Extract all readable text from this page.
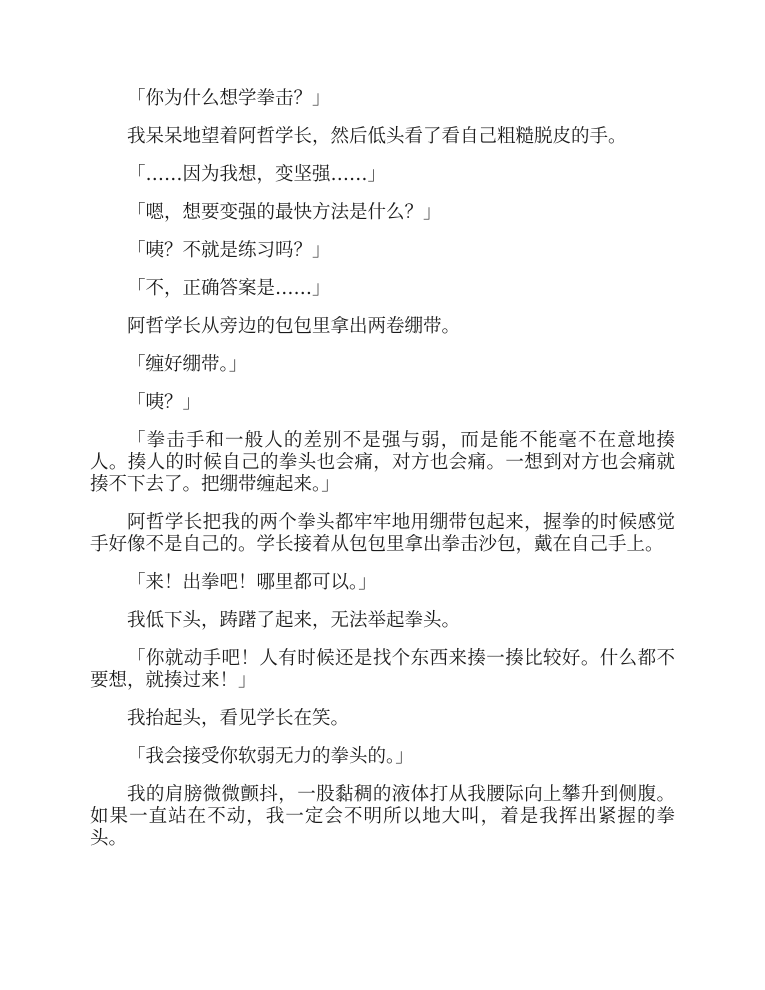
「你为什么想学拳击？」

我呆呆地望着阿哲学长，然后低头看了看自己粗糙脱皮的手。

「……因为我想，变坚强……」

「嗯，想要变强的最快方法是什么？」

「咦？不就是练习吗？」

「不，正确答案是……」

阿哲学长从旁边的包包里拿出两卷绷带。

「缠好绷带。」

「咦？」

「拳击手和一般人的差别不是强与弱，而是能不能毫不在意地揍人。揍人的时候自己的拳头也会痛，对方也会痛。一想到对方也会痛就揍不下去了。把绷带缠起来。」

阿哲学长把我的两个拳头都牢牢地用绷带包起来，握拳的时候感觉手好像不是自己的。学长接着从包包里拿出拳击沙包，戴在自己手上。

「来！出拳吧！哪里都可以。」

我低下头，踌躇了起来，无法举起拳头。

「你就动手吧！人有时候还是找个东西来揍一揍比较好。什么都不要想，就揍过来！」

我抬起头，看见学长在笑。

「我会接受你软弱无力的拳头的。」

我的肩膀微微颤抖，一股黏稠的液体打从我腰际向上攀升到侧腹。如果一直站在不动，我一定会不明所以地大叫，着是我挥出紧握的拳头。
